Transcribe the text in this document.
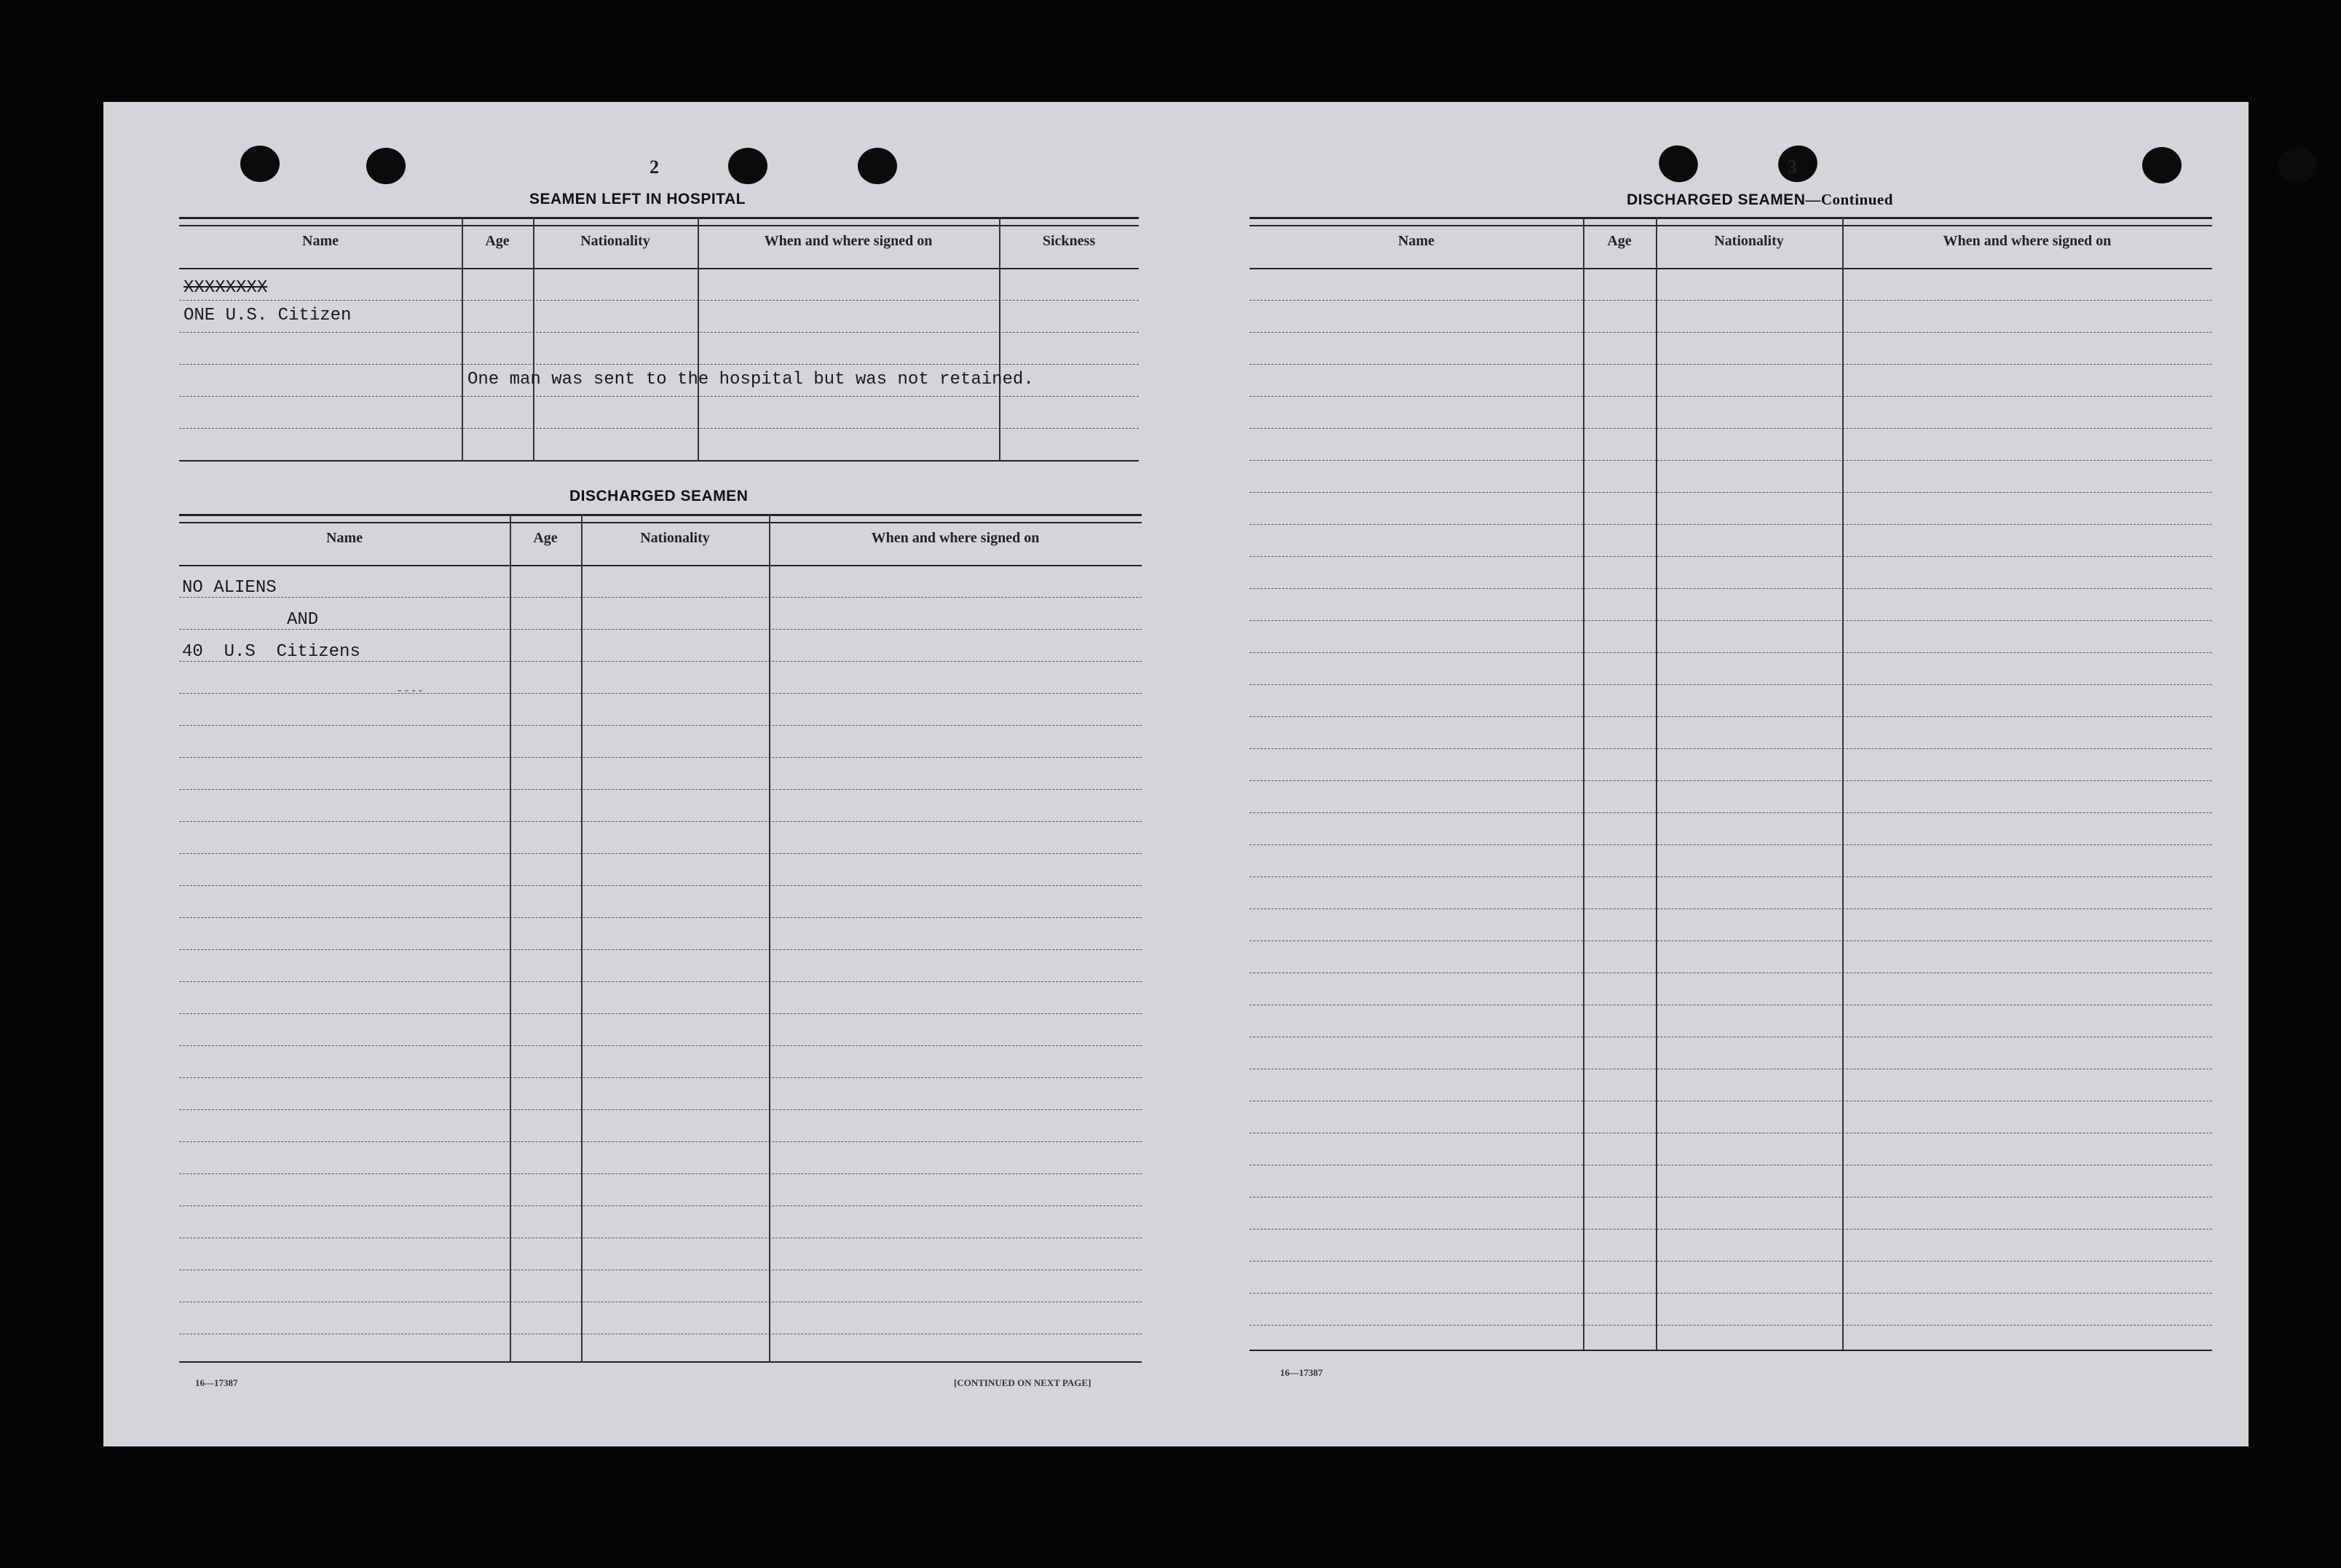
2
SEAMEN LEFT IN HOSPITAL
Name	Age	Nationality	When and where signed on	Sickness
XXXXXXXX
ONE U.S. Citizen
One man was sent to the hospital but was not retained.
DISCHARGED SEAMEN
Name	Age	Nationality	When and where signed on
NO ALIENS
AND
40  U.S  Citizens
----
16—17387	[CONTINUED ON NEXT PAGE]
3
DISCHARGED SEAMEN—Continued
Name	Age	Nationality	When and where signed on
16—17387
